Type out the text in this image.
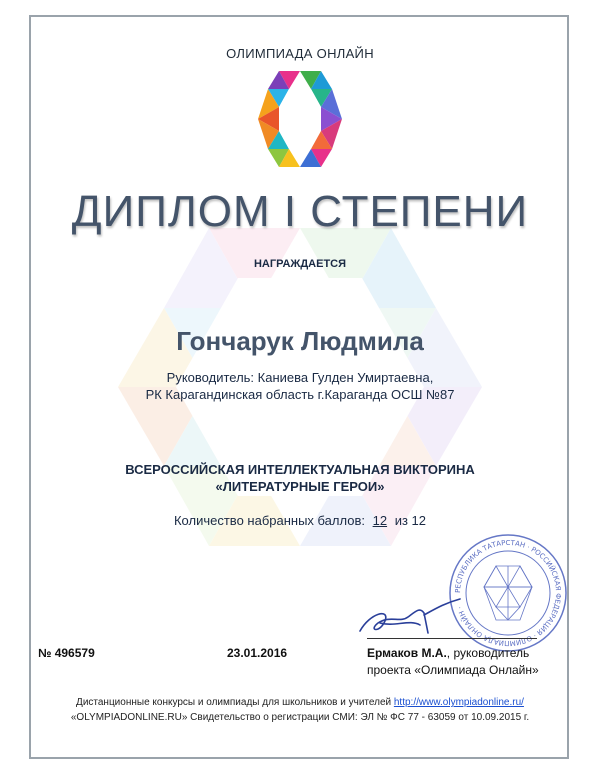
ОЛИМПИАДА ОНЛАЙН
ДИПЛОМ I СТЕПЕНИ
НАГРАЖДАЕТСЯ
Гончарук Людмила
Руководитель: Каниева Гулден Умиртаевна,
РК Карагандинская область г.Караганда ОСШ №87
ВСЕРОССИЙСКАЯ ИНТЕЛЛЕКТУАЛЬНАЯ ВИКТОРИНА
«ЛИТЕРАТУРНЫЕ ГЕРОИ»
Количество набранных баллов: 12 из 12
РЕСПУБЛИКА ТАТАРСТАН · РОССИЙСКАЯ ФЕДЕРАЦИЯ · ОЛИМПИАДА ОНЛАЙН ·
№ 496579	23.01.2016	Ермаков М.А., руководитель
проекта «Олимпиада Онлайн»
Дистанционные конкурсы и олимпиады для школьников и учителей http://www.olympiadonline.ru/
«OLYMPIADONLINE.RU» Свидетельство о регистрации СМИ: ЭЛ № ФС 77 - 63059 от 10.09.2015 г.
